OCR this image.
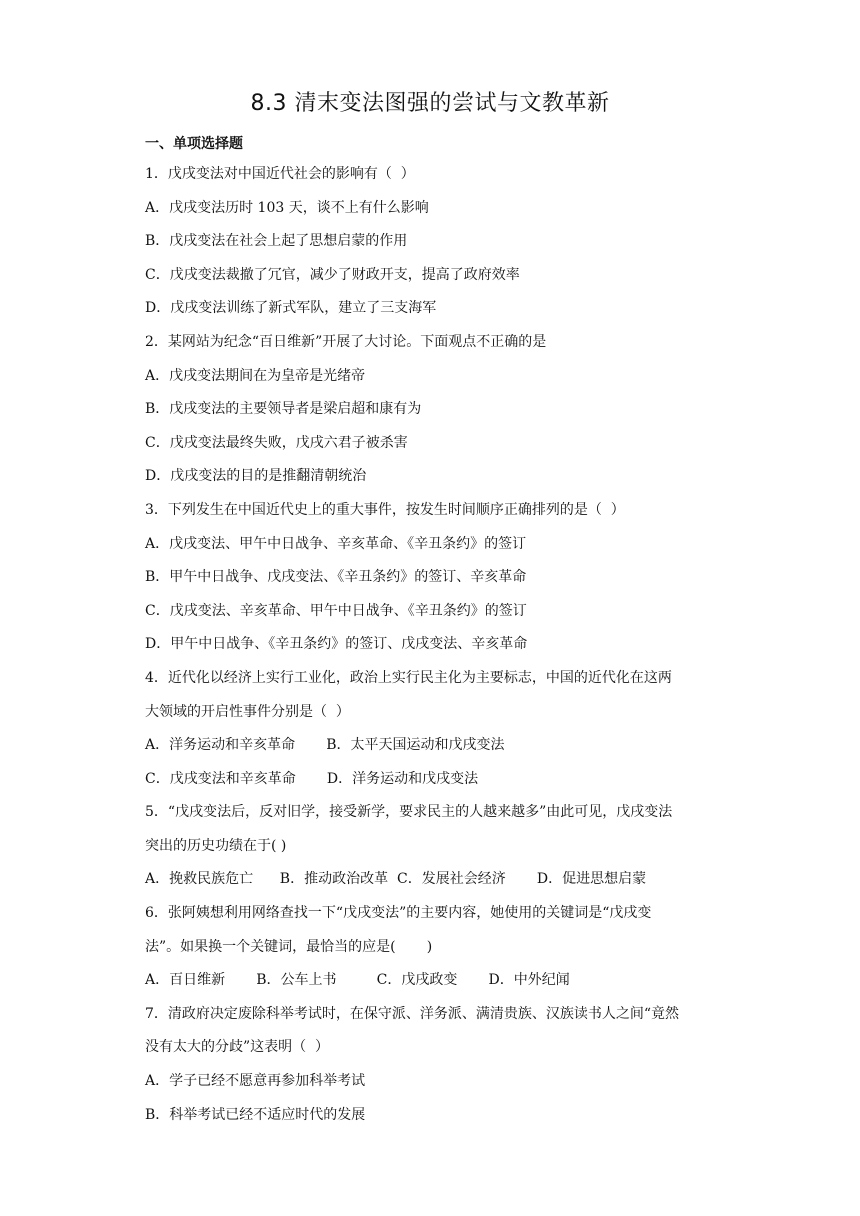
8.3 清末变法图强的尝试与文教革新
一、单项选择题
1．戊戌变法对中国近代社会的影响有（  ）
A．戊戌变法历时 103 天，谈不上有什么影响
B．戊戌变法在社会上起了思想启蒙的作用
C．戊戌变法裁撤了冗官，减少了财政开支，提高了政府效率
D．戊戌变法训练了新式军队，建立了三支海军
2．某网站为纪念“百日维新”开展了大讨论。下面观点不正确的是
A．戊戌变法期间在为皇帝是光绪帝
B．戊戌变法的主要领导者是梁启超和康有为
C．戊戌变法最终失败，戊戌六君子被杀害
D．戊戌变法的目的是推翻清朝统治
3．下列发生在中国近代史上的重大事件，按发生时间顺序正确排列的是（  ）
A．戊戌变法、甲午中日战争、辛亥革命、《辛丑条约》的签订
B．甲午中日战争、戊戌变法、《辛丑条约》的签订、辛亥革命
C．戊戌变法、辛亥革命、甲午中日战争、《辛丑条约》的签订
D．甲午中日战争、《辛丑条约》的签订、戊戌变法、辛亥革命
4．近代化以经济上实行工业化，政治上实行民主化为主要标志，中国的近代化在这两
大领域的开启性事件分别是（  ）
A．洋务运动和辛亥革命       B．太平天国运动和戊戌变法
C．戊戌变法和辛亥革命       D．洋务运动和戊戌变法
5．“戊戌变法后，反对旧学，接受新学，要求民主的人越来越多”由此可见，戊戌变法
突出的历史功绩在于( )
A．挽救民族危亡      B．推动政治改革  C．发展社会经济       D．促进思想启蒙
6．张阿姨想利用网络查找一下“戊戌变法”的主要内容，她使用的关键词是“戊戌变
法”。如果换一个关键词，最恰当的应是(       )
A．百日维新       B．公车上书         C．戊戌政变       D．中外纪闻
7．清政府决定废除科举考试时，在保守派、洋务派、满清贵族、汉族读书人之间“竟然
没有太大的分歧”这表明（  ）
A．学子已经不愿意再参加科举考试
B．科举考试已经不适应时代的发展
